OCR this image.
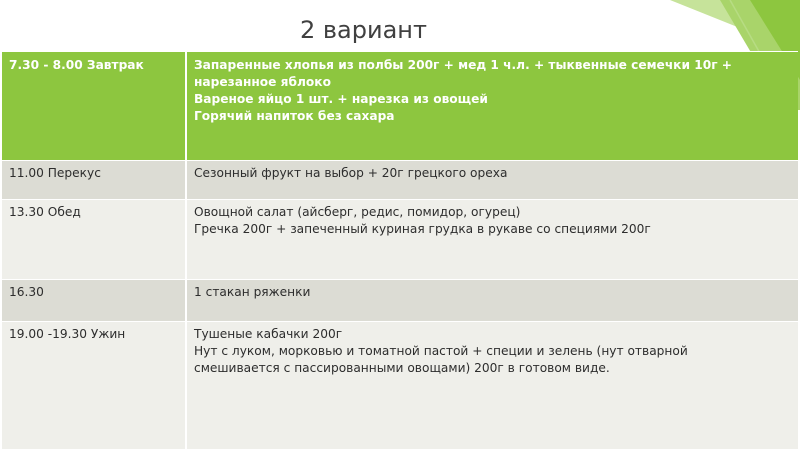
2 вариант
7.30 - 8.00 Завтрак	Запаренные хлопья из полбы 200г + мед 1 ч.л. + тыквенные семечки 10г +
нарезанное яблоко
Вареное яйцо 1 шт. + нарезка из овощей
Горячий напиток без сахара

11.00 Перекус	Сезонный фрукт на выбор + 20г грецкого ореха

13.30 Обед	Овощной салат (айсберг, редис, помидор, огурец)
Гречка 200г + запеченный куриная грудка в рукаве со специями 200г

16.30	1 стакан ряженки

19.00 -19.30 Ужин	Тушеные кабачки 200г
Нут с луком, морковью и томатной пастой + специи и зелень (нут отварной
смешивается с пассированными овощами) 200г в готовом виде.
